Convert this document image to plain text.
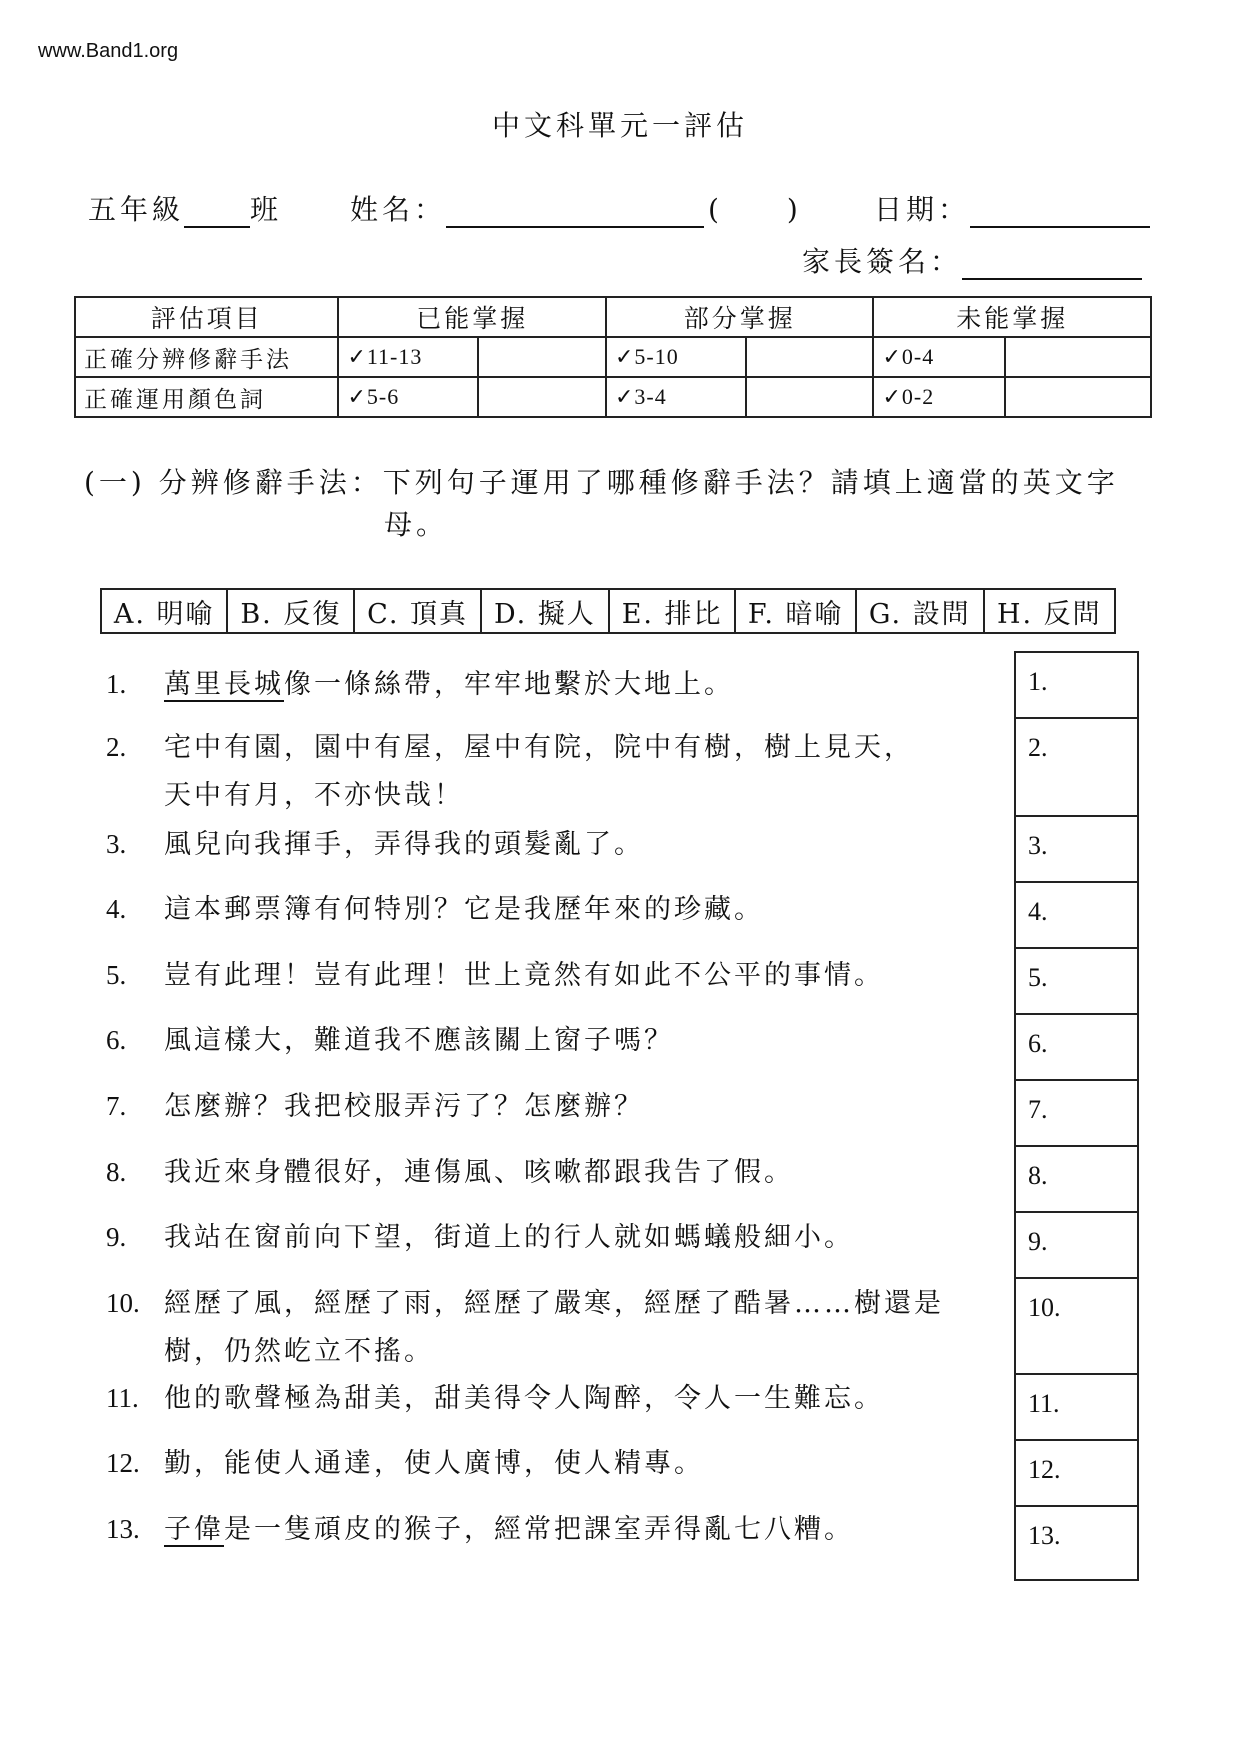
www.Band1.org
中文科單元一評估
五年級 班 姓名：	(　　)	日期：
家長簽名：
評估項目	已能掌握		部分掌握		未能掌握	
正確分辨修辭手法	✓11-13		✓5-10		✓0-4	
正確運用顏色詞	✓5-6		✓3-4		✓0-2	
(一) 分辨修辭手法：下列句子運用了哪種修辭手法？請填上適當的英文字
母。
A. 明喻	B. 反復	C. 頂真	D. 擬人	E. 排比	F. 暗喻	G. 設問	H. 反問
1. 萬里長城像一條絲帶，牢牢地繫於大地上。
2. 宅中有園，園中有屋，屋中有院，院中有樹，樹上見天，
天中有月，不亦快哉！
3. 風兒向我揮手，弄得我的頭髮亂了。
4. 這本郵票簿有何特別？它是我歷年來的珍藏。
5. 豈有此理！豈有此理！世上竟然有如此不公平的事情。
6. 風這樣大，難道我不應該關上窗子嗎？
7. 怎麼辦？我把校服弄污了？怎麼辦？
8. 我近來身體很好，連傷風、咳嗽都跟我告了假。
9. 我站在窗前向下望，街道上的行人就如螞蟻般細小。
10. 經歷了風，經歷了雨，經歷了嚴寒，經歷了酷暑……樹還是
樹，仍然屹立不搖。
11. 他的歌聲極為甜美，甜美得令人陶醉，令人一生難忘。
12. 勤，能使人通達，使人廣博，使人精專。
13. 子偉是一隻頑皮的猴子，經常把課室弄得亂七八糟。
1.
2.
3.
4.
5.
6.
7.
8.
9.
10.
11.
12.
13.
